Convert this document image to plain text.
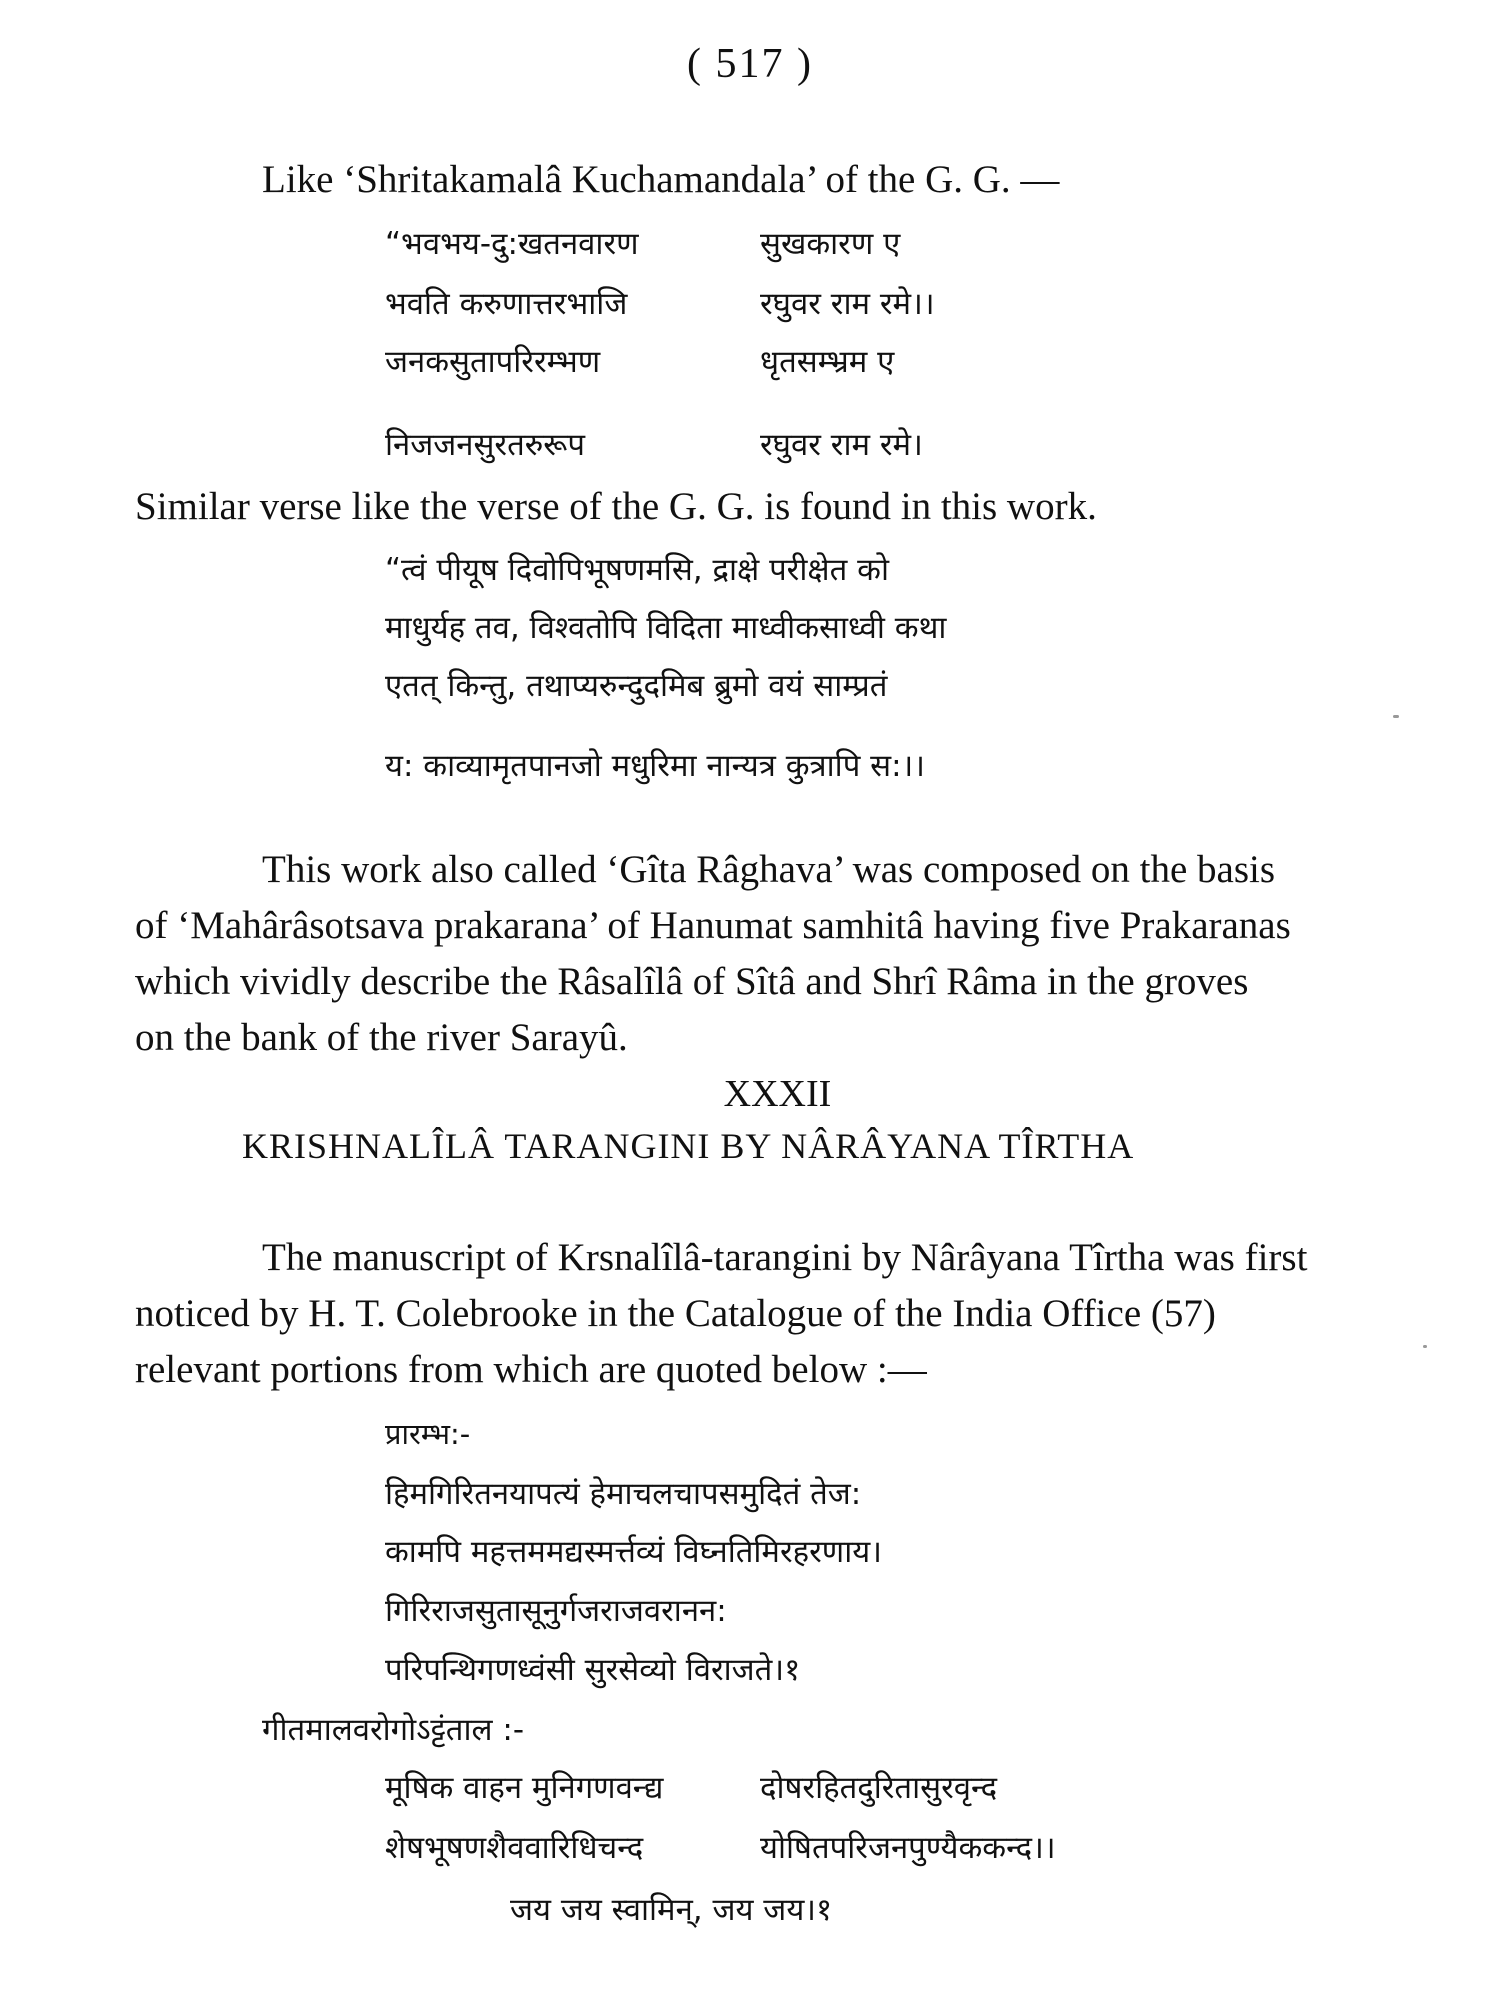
( 517 )
Like ‘Shritakamalâ Kuchamandala’ of the G. G. —
“भवभय-दु:खतनवारण	सुखकारण ए
भवति करुणात्तरभाजि	रघुवर राम रमे।।
जनकसुतापरिरम्भण	धृतसम्भ्रम ए
निजजनसुरतरुरूप	रघुवर राम रमे।
Similar verse like the verse of the G. G. is found in this work.
“त्वं पीयूष दिवोपिभूषणमसि, द्राक्षे परीक्षेत को
माधुर्यह तव, विश्वतोपि विदिता माध्वीकसाध्वी कथा
एतत् किन्तु, तथाप्यरुन्दुदमिब ब्रुमो वयं साम्प्रतं
य: काव्यामृतपानजो मधुरिमा नान्यत्र कुत्रापि स:।।
This work also called ‘Gîta Râghava’ was composed on the basis
of ‘Mahârâsotsava prakarana’ of Hanumat samhitâ having five Prakaranas
which vividly describe the Râsalîlâ of Sîtâ and Shrî Râma in the groves
on the bank of the river Sarayû.
XXXII
KRISHNALÎLÂ TARANGINI BY NÂRÂYANA TÎRTHA
The manuscript of Krsnalîlâ-tarangini by Nârâyana Tîrtha was first
noticed by H. T. Colebrooke in the Catalogue of the India Office (57)
relevant portions from which are quoted below :—
प्रारम्भ:-
हिमगिरितनयापत्यं हेमाचलचापसमुदितं तेज:
कामपि महत्तममद्यस्मर्त्तव्यं विघ्नतिमिरहरणाय।
गिरिराजसुतासूनुर्गजराजवरानन:
परिपन्थिगणध्वंसी सुरसेव्यो विराजते।१
गीतमालवरोगोऽट्टंताल :-
मूषिक वाहन मुनिगणवन्द्य	दोषरहितदुरितासुरवृन्द
शेषभूषणशैववारिधिचन्द	योषितपरिजनपुण्यैककन्द।।
जय जय स्वामिन्, जय जय।१
